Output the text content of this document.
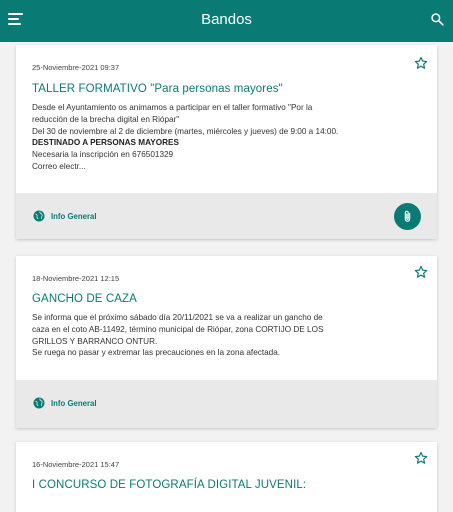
Bandos
25-Noviembre-2021 09:37
TALLER FORMATIVO "Para personas mayores"
Desde el Ayuntamiento os animamos a participar en el taller formativo "Por la
reducción de la brecha digital en Riópar"
Del 30 de noviembre al 2 de diciembre (martes, miércoles y jueves) de 9:00 a 14:00.
DESTINADO A PERSONAS MAYORES
Necesaria la inscripción en 676501329
Correo electr...
Info General
18-Noviembre-2021 12:15
GANCHO DE CAZA
Se informa que el próximo sábado día 20/11/2021 se va a realizar un gancho de
caza en el coto AB-11492, término municipal de Riópar, zona CORTIJO DE LOS
GRILLOS Y BARRANCO ONTUR.
Se ruega no pasar y extremar las precauciones en la zona afectada.
Info General
16-Noviembre-2021 15:47
I CONCURSO DE FOTOGRAFÍA DIGITAL JUVENIL:
